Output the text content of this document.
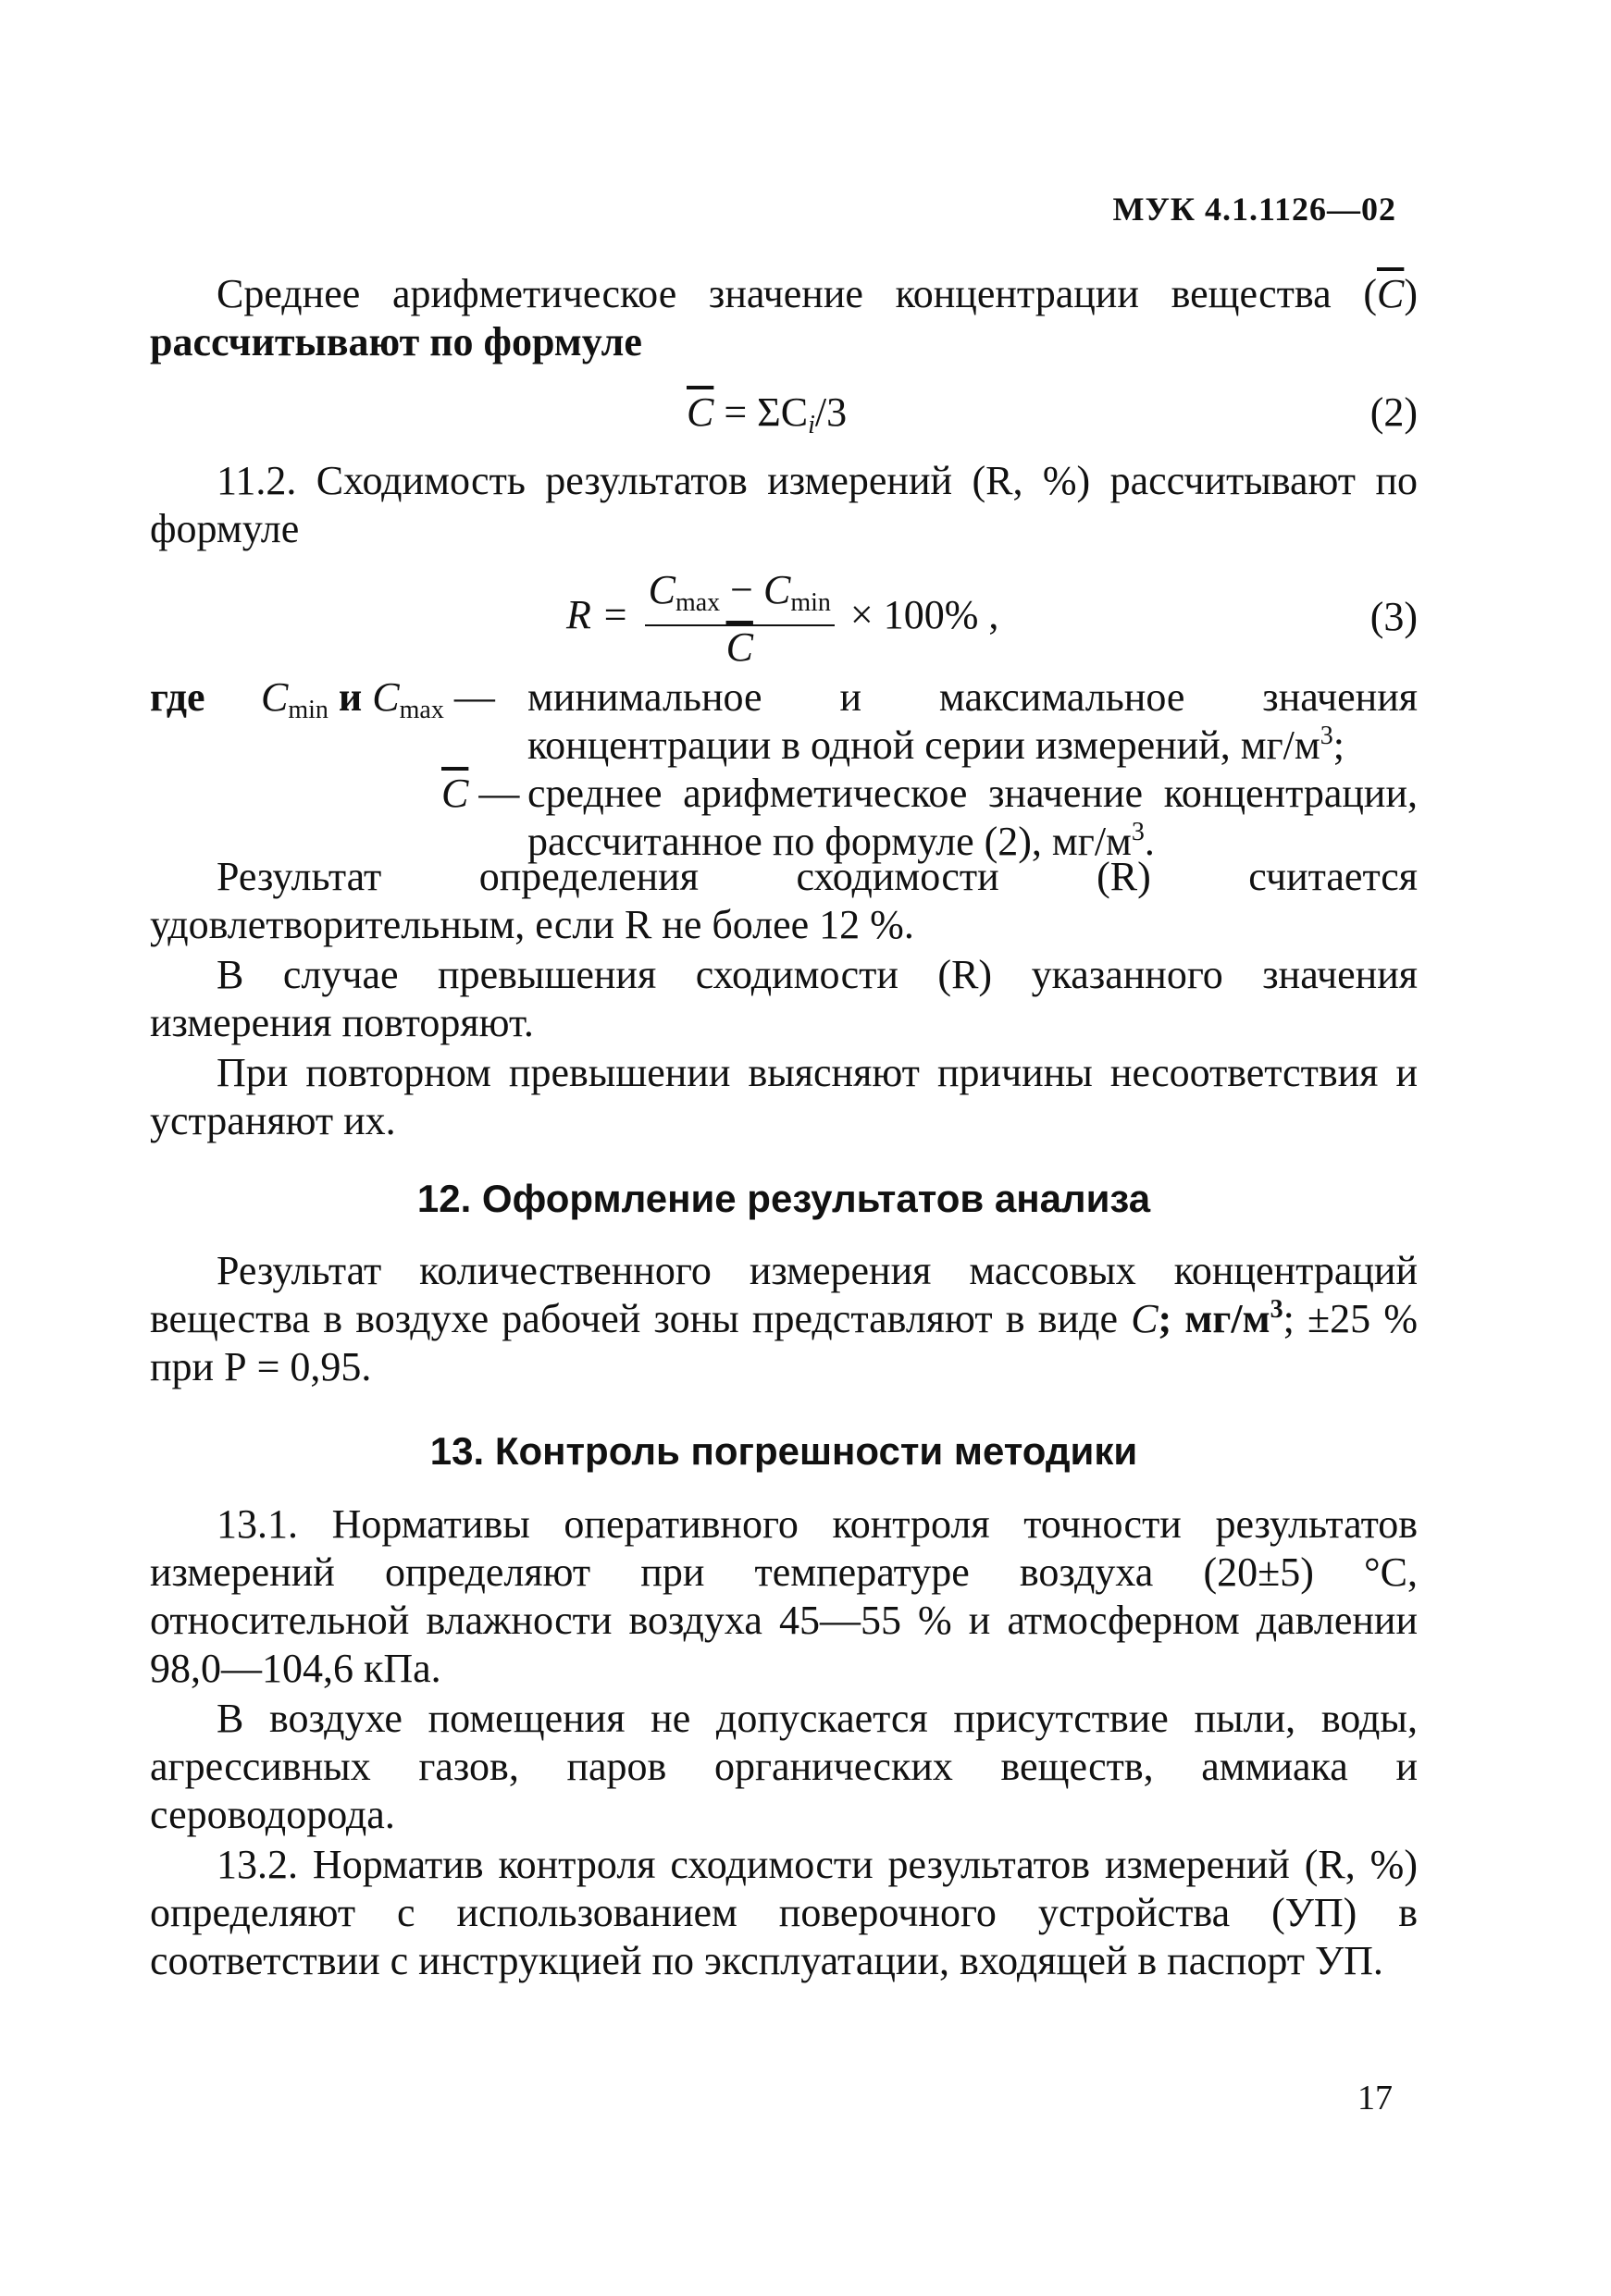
МУК 4.1.1126—02

Среднее арифметическое значение концентрации вещества $(\overline{C})$ рассчитывают по формуле

$\overline{C} = \Sigma C_i/3$	(2)

11.2. Сходимость результатов измерений (R, %) рассчитывают по формуле

$R = \frac{C_{max} - C_{min}}{C} \times 100\%$ ,	(3)
где $C_{min}$ и $C_{max}$ — минимальное и максимальное значения концентрации в одной серии измерений, $мг/м^3$;

$\overline{C}$ — среднее арифметическое значение концентрации, рассчитанное по формуле (2), $мг/м^3$.

Результат определения сходимости (R) считается удовлетворительным, если R не более 12 %.

В случае превышения сходимости (R) указанного значения измерения повторяют.

При повторном превышении выясняют причины несоответствия и устраняют их.

12. Оформление результатов анализа

Результат количественного измерения массовых концентраций вещества в воздухе рабочей зоны представляют в виде C; $мг/м^3$; ±25 % при Р = 0,95.

13. Контроль погрешности методики

13.1. Нормативы оперативного контроля точности результатов измерений определяют при температуре воздуха (20±5) °С, относительной влажности воздуха 45—55 % и атмосферном давлении 98,0—104,6 кПа.

В воздухе помещения не допускается присутствие пыли, воды, агрессивных газов, паров органических веществ, аммиака и сероводорода.

13.2. Норматив контроля сходимости результатов измерений (R, %) определяют с использованием поверочного устройства (УП) в соответствии с инструкцией по эксплуатации, входящей в паспорт УП.

17
